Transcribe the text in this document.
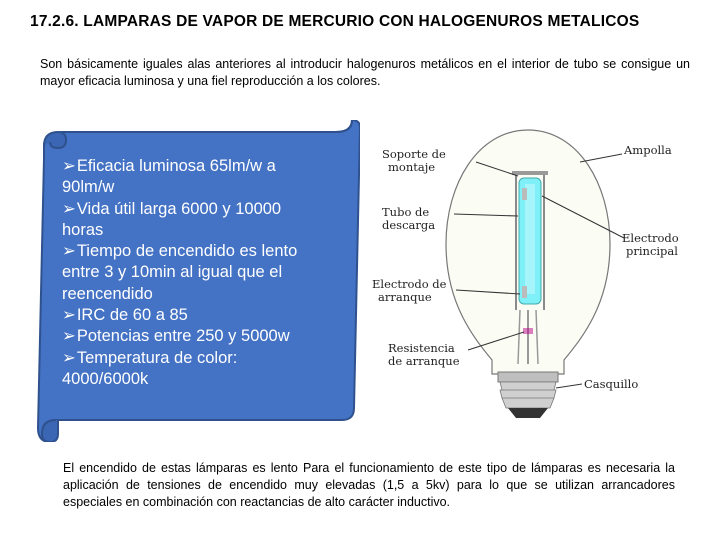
17.2.6. LAMPARAS DE VAPOR DE MERCURIO CON HALOGENUROS METALICOS
Son básicamente iguales alas anteriores al introducir halogenuros metálicos en el interior de tubo se consigue un mayor eficacia luminosa y una fiel reproducción a los colores.
➢Eficacia luminosa 65lm/w a 90lm/w
➢Vida útil larga 6000 y 10000 horas
➢Tiempo de encendido es lento entre 3 y 10min al igual que el reencendido
➢IRC de 60 a 85
➢Potencias entre 250 y 5000w
➢Temperatura de color: 4000/6000k
Soporte de
montaje
Tubo de
descarga
Electrodo de
arranque
Resistencia
de arranque
Ampolla
Electrodo
principal
Casquillo
El encendido de estas lámparas es lento Para el funcionamiento de este tipo de lámparas es necesaria la aplicación de tensiones de encendido muy elevadas (1,5 a 5kv) para lo que se utilizan arrancadores especiales en combinación con reactancias de alto carácter inductivo.
